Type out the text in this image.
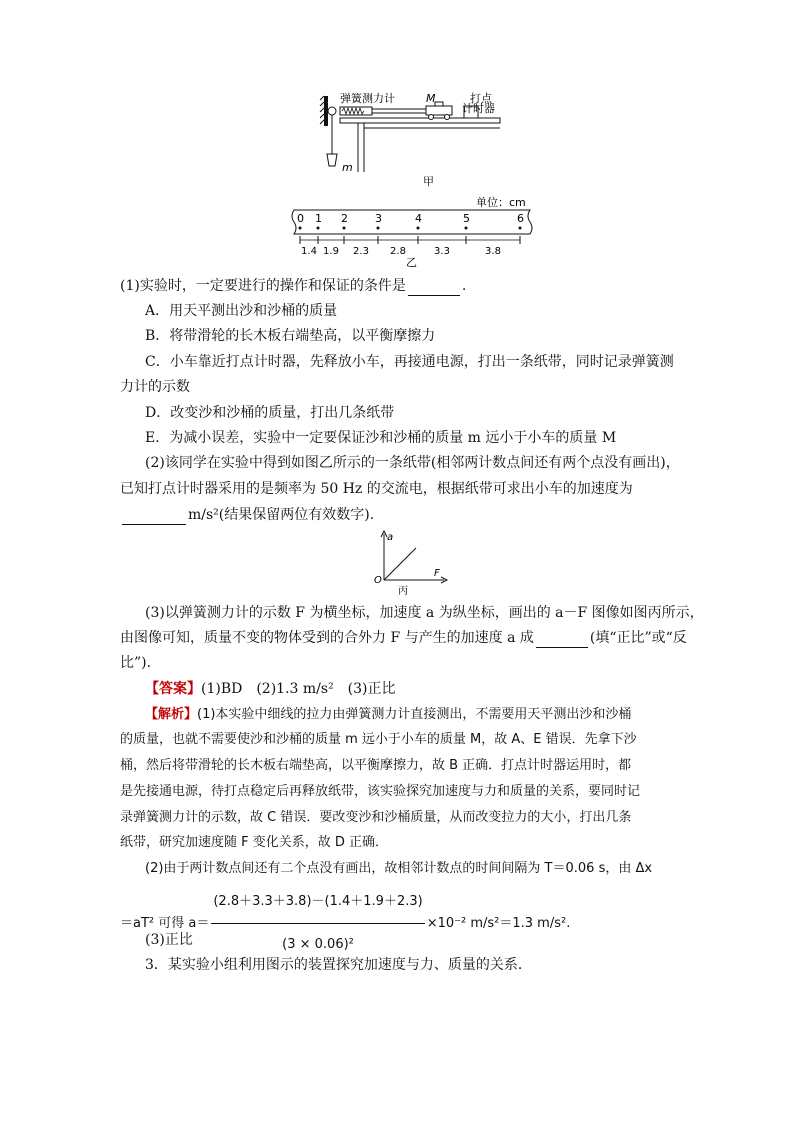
弹簧测力计	M	打点
计时器
m
甲
单位：cm
0 1 2 3	4	5	6
1.4 1.9 2.3 2.8	3.3	3.8
乙
(1)实验时，一定要进行的操作和保证的条件是	.
A．用天平测出沙和沙桶的质量
B．将带滑轮的长木板右端垫高，以平衡摩擦力
C．小车靠近打点计时器，先释放小车，再接通电源，打出一条纸带，同时记录弹簧测
力计的示数
D．改变沙和沙桶的质量，打出几条纸带
E．为减小误差，实验中一定要保证沙和沙桶的质量 m 远小于小车的质量 M
(2)该同学在实验中得到如图乙所示的一条纸带(相邻两计数点间还有两个点没有画出)，
已知打点计时器采用的是频率为 50 Hz 的交流电，根据纸带可求出小车的加速度为
m/s²(结果保留两位有效数字).
a
F
O
丙
(3)以弹簧测力计的示数 F 为横坐标，加速度 a 为纵坐标，画出的 a－F 图像如图丙所示，
由图像可知，质量不变的物体受到的合外力 F 与产生的加速度 a 成	(填“正比”或“反
比”).
【答案】(1)BD　(2)1.3 m/s²　(3)正比
【解析】(1)本实验中细线的拉力由弹簧测力计直接测出，不需要用天平测出沙和沙桶
的质量，也就不需要使沙和沙桶的质量 m 远小于小车的质量 M，故 A、E 错误．先拿下沙
桶，然后将带滑轮的长木板右端垫高，以平衡摩擦力，故 B 正确．打点计时器运用时，都
是先接通电源，待打点稳定后再释放纸带，该实验探究加速度与力和质量的关系，要同时记
录弹簧测力计的示数，故 C 错误．要改变沙和沙桶质量，从而改变拉力的大小，打出几条
纸带，研究加速度随 F 变化关系，故 D 正确．
(2)由于两计数点间还有二个点没有画出，故相邻计数点的时间间隔为 T＝0.06 s，由 Δx
＝aT² 可得 $a= \frac{(2.8+3.3+3.8)-(1.4+1.9+2.3)}{\text{(3 × 0.06)²}} \times 10^{-2}$ m/s²＝1.3 m/s².
(3)正比
3．某实验小组利用图示的装置探究加速度与力、质量的关系．
